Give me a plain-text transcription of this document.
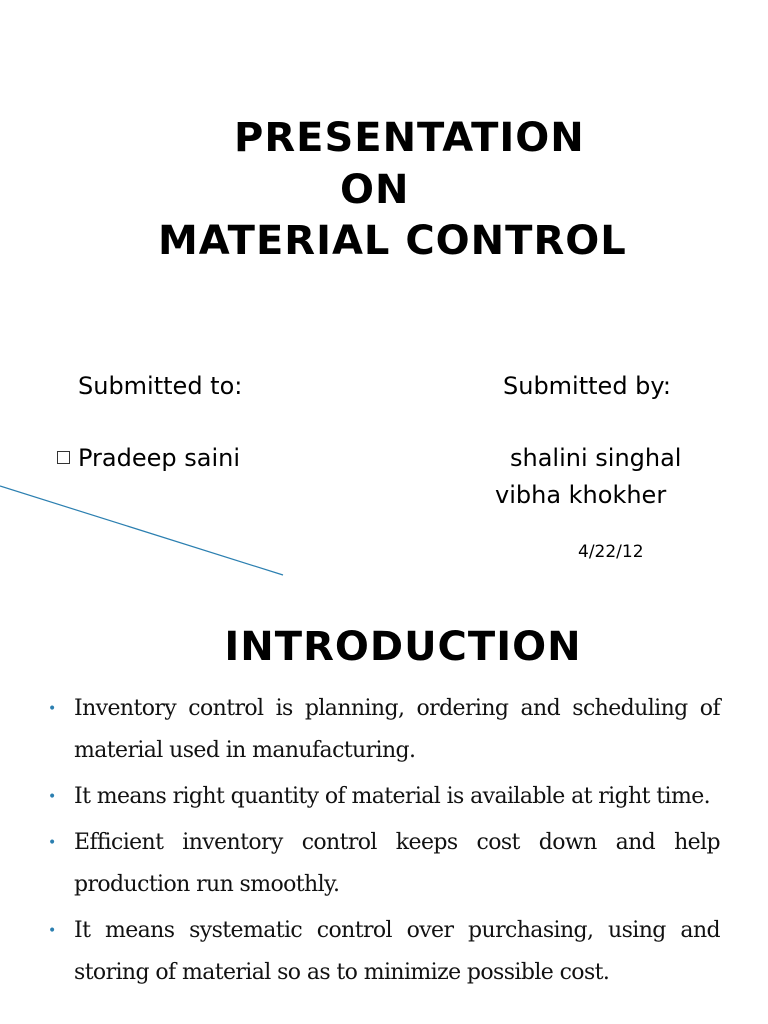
PRESENTATION
ON
MATERIAL CONTROL
Submitted to:	Submitted by:
Pradeep saini	shalini singhal
vibha khokher
4/22/12
INTRODUCTION
• Inventory control is planning, ordering and scheduling of material used in manufacturing.
• It means right quantity of material is available at right time.
• Efficient inventory control keeps cost down and help production run smoothly.
• It means systematic control over purchasing, using and storing of material so as to minimize possible cost.
